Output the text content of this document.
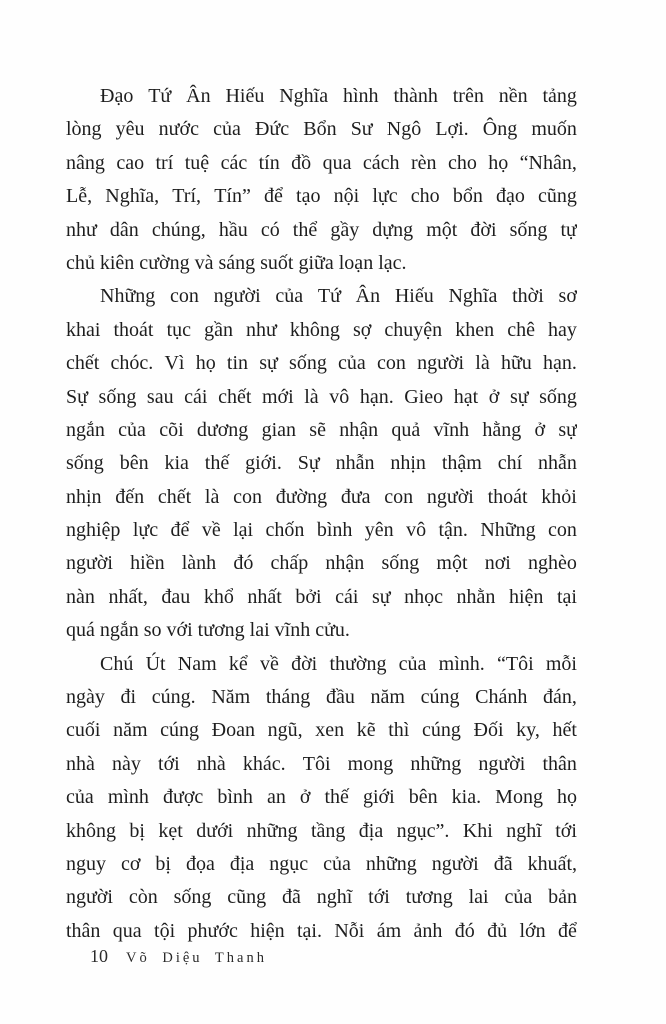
Đạo Tứ Ân Hiếu Nghĩa hình thành trên nền tảng
lòng yêu nước của Đức Bổn Sư Ngô Lợi. Ông muốn
nâng cao trí tuệ các tín đồ qua cách rèn cho họ “Nhân,
Lễ, Nghĩa, Trí, Tín” để tạo nội lực cho bổn đạo cũng
như dân chúng, hầu có thể gầy dựng một đời sống tự
chủ kiên cường và sáng suốt giữa loạn lạc.
Những con người của Tứ Ân Hiếu Nghĩa thời sơ
khai thoát tục gần như không sợ chuyện khen chê hay
chết chóc. Vì họ tin sự sống của con người là hữu hạn.
Sự sống sau cái chết mới là vô hạn. Gieo hạt ở sự sống
ngắn của cõi dương gian sẽ nhận quả vĩnh hằng ở sự
sống bên kia thế giới. Sự nhẫn nhịn thậm chí nhẫn
nhịn đến chết là con đường đưa con người thoát khỏi
nghiệp lực để về lại chốn bình yên vô tận. Những con
người hiền lành đó chấp nhận sống một nơi nghèo
nàn nhất, đau khổ nhất bởi cái sự nhọc nhằn hiện tại
quá ngắn so với tương lai vĩnh cửu.
Chú Út Nam kể về đời thường của mình. “Tôi mỗi
ngày đi cúng. Năm tháng đầu năm cúng Chánh đán,
cuối năm cúng Đoan ngũ, xen kẽ thì cúng Đối ky, hết
nhà này tới nhà khác. Tôi mong những người thân
của mình được bình an ở thế giới bên kia. Mong họ
không bị kẹt dưới những tầng địa ngục”. Khi nghĩ tới
nguy cơ bị đọa địa ngục của những người đã khuất,
người còn sống cũng đã nghĩ tới tương lai của bản
thân qua tội phước hiện tại. Nỗi ám ảnh đó đủ lớn để
10 Võ Diệu Thanh
